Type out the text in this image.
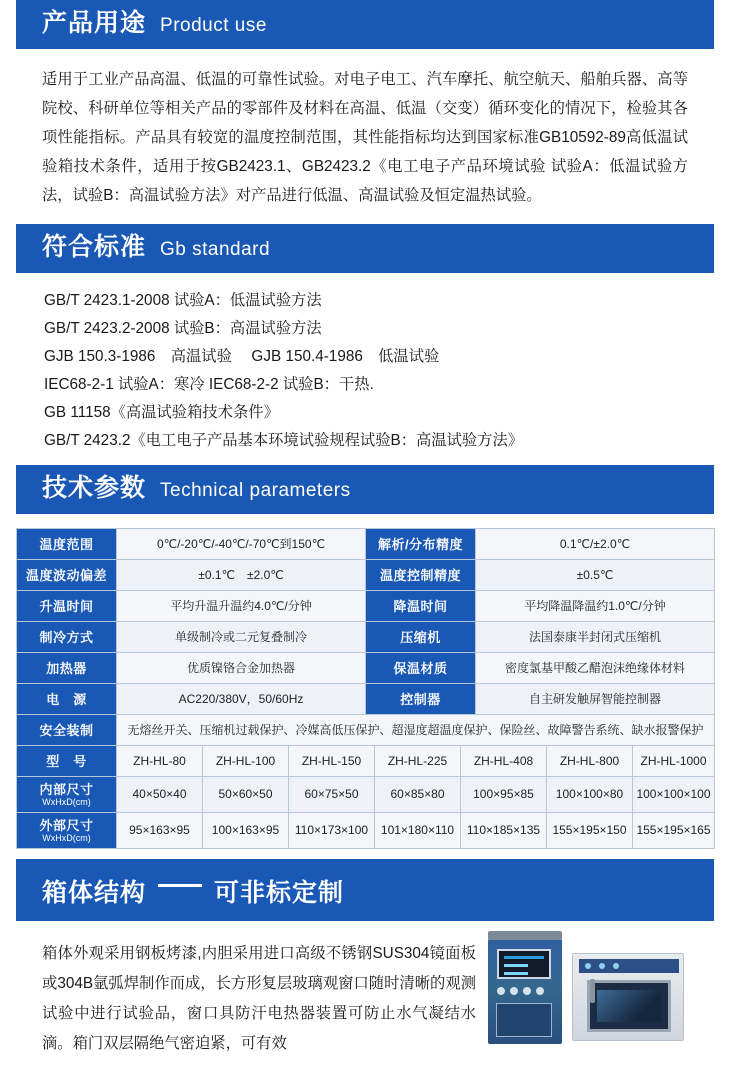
产品用途 Product use
适用于工业产品高温、低温的可靠性试验。对电子电工、汽车摩托、航空航天、船舶兵器、高等院校、科研单位等相关产品的零部件及材料在高温、低温（交变）循环变化的情况下，检验其各项性能指标。产品具有较宽的温度控制范围，其性能指标均达到国家标准GB10592-89高低温试验箱技术条件，适用于按GB2423.1、GB2423.2《电工电子产品环境试验 试验A：低温试验方法，试验B：高温试验方法》对产品进行低温、高温试验及恒定温热试验。
符合标准 Gb standard
GB/T 2423.1-2008 试验A：低温试验方法
GB/T 2423.2-2008 试验B：高温试验方法
GJB 150.3-1986　高温试验　 GJB 150.4-1986　低温试验
IEC68-2-1 试验A：寒冷 IEC68-2-2 试验B：干热.
GB 11158《高温试验箱技术条件》
GB/T 2423.2《电工电子产品基本环境试验规程试验B：高温试验方法》
技术参数 Technical parameters
温度范围	0℃/-20℃/-40℃/-70℃到150℃	解析/分布精度	0.1℃/±2.0℃
温度波动偏差	±0.1℃　±2.0℃	温度控制精度	±0.5℃
升温时间	平均升温升温约4.0℃/分钟	降温时间	平均降温降温约1.0℃/分钟
制冷方式	单级制冷或二元复叠制冷	压缩机	法国泰康半封闭式压缩机
加热器	优质镍铬合金加热器	保温材质	密度氯基甲酸乙醋泡沫绝缘体材料
电　源	AC220/380V，50/60Hz	控制器	自主研发触屏智能控制器
安全装制	无熔丝开关、压缩机过载保护、冷媒高低压保护、超湿度超温度保护、保险丝、故障警告系统、缺水报警保护		
型　号	ZH-HL-80	ZH-HL-100	ZH-HL-150	ZH-HL-225	ZH-HL-408	ZH-HL-800	ZH-HL-1000
内部尺寸
WxHxD(cm)	40×50×40	50×60×50	60×75×50	60×85×80	100×95×85	100×100×80	100×100×100
外部尺寸
WxHxD(cm)	95×163×95	100×163×95	110×173×100	101×180×110	110×185×135	155×195×150	155×195×165
箱体结构	可非标定制
箱体外观采用钢板烤漆,内胆采用进口高级不锈钢SUS304镜面板或304B氩弧焊制作而成，长方形复层玻璃观窗口随时清晰的观测试验中进行试验品，窗口具防汗电热器装置可防止水气凝结水滴。箱门双层隔绝气密迫紧，可有效
